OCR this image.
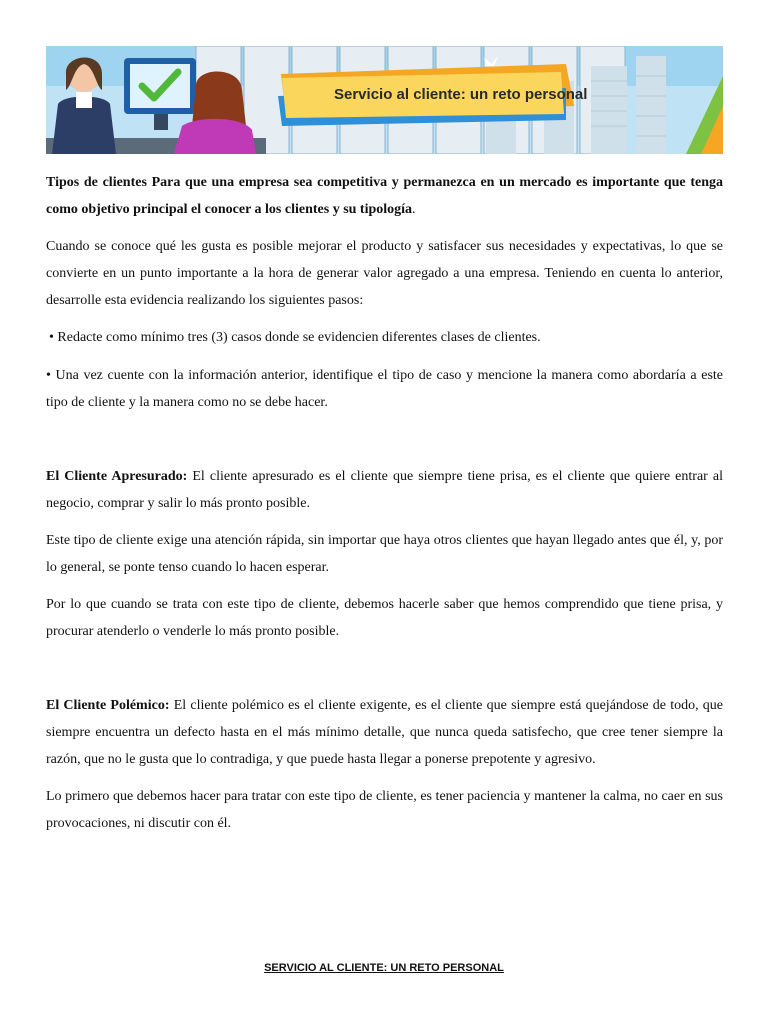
Servicio al cliente: un reto personal

Tipos de clientes Para que una empresa sea competitiva y permanezca en un mercado es importante que tenga como objetivo principal el conocer a los clientes y su tipología.

Cuando se conoce qué les gusta es posible mejorar el producto y satisfacer sus necesidades y expectativas, lo que se convierte en un punto importante a la hora de generar valor agregado a una empresa. Teniendo en cuenta lo anterior, desarrolle esta evidencia realizando los siguientes pasos:

• Redacte como mínimo tres (3) casos donde se evidencien diferentes clases de clientes.

• Una vez cuente con la información anterior, identifique el tipo de caso y mencione la manera como abordaría a este tipo de cliente y la manera como no se debe hacer.

El Cliente Apresurado: El cliente apresurado es el cliente que siempre tiene prisa, es el cliente que quiere entrar al negocio, comprar y salir lo más pronto posible.

Este tipo de cliente exige una atención rápida, sin importar que haya otros clientes que hayan llegado antes que él, y, por lo general, se ponte tenso cuando lo hacen esperar.

Por lo que cuando se trata con este tipo de cliente, debemos hacerle saber que hemos comprendido que tiene prisa, y procurar atenderlo o venderle lo más pronto posible.

El Cliente Polémico: El cliente polémico es el cliente exigente, es el cliente que siempre está quejándose de todo, que siempre encuentra un defecto hasta en el más mínimo detalle, que nunca queda satisfecho, que cree tener siempre la razón, que no le gusta que lo contradiga, y que puede hasta llegar a ponerse prepotente y agresivo.

Lo primero que debemos hacer para tratar con este tipo de cliente, es tener paciencia y mantener la calma, no caer en sus provocaciones, ni discutir con él.

SERVICIO AL CLIENTE: UN RETO PERSONAL
